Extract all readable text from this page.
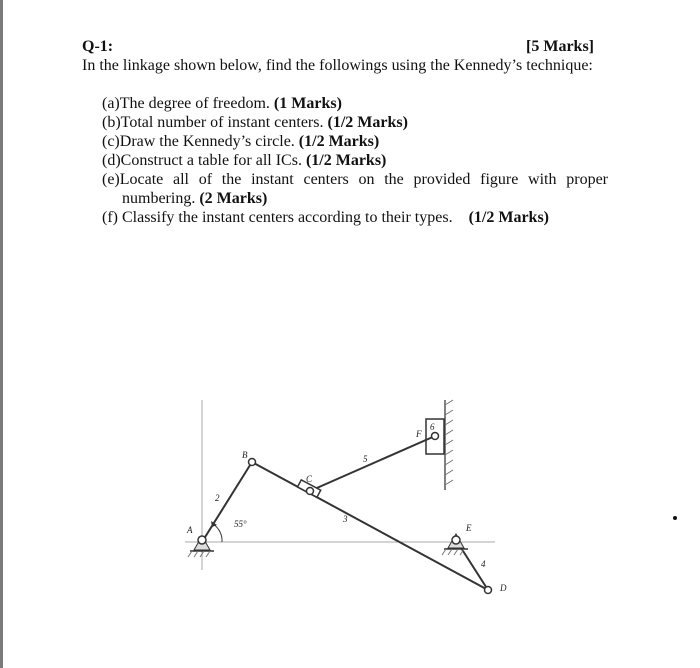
Q-1:	[5 Marks]
In the linkage shown below, find the followings using the Kennedy’s technique:
(a)The degree of freedom. (1 Marks)
(b)Total number of instant centers. (1/2 Marks)
(c)Draw the Kennedy’s circle. (1/2 Marks)
(d)Construct a table for all ICs. (1/2 Marks)
(e)Locate all of the instant centers on the provided figure with proper numbering. (2 Marks)
(f) Classify the instant centers according to their types. (1/2 Marks)
A
B
C
D
E
F
2
3
4
5
6
55°
